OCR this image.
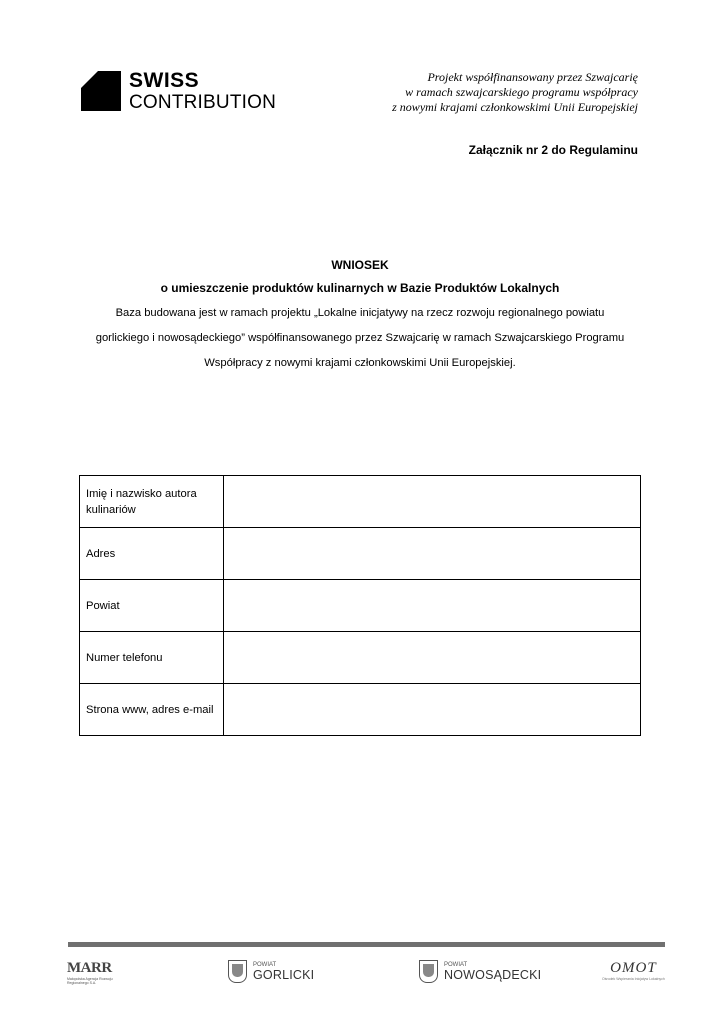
SWISS
CONTRIBUTION
Projekt współfinansowany przez Szwajcarię
w ramach szwajcarskiego programu współpracy
z nowymi krajami członkowskimi Unii Europejskiej
Załącznik nr 2 do Regulaminu
WNIOSEK
o umieszczenie produktów kulinarnych w Bazie Produktów Lokalnych
Baza budowana jest w ramach projektu „Lokalne inicjatywy na rzecz rozwoju regionalnego powiatu
gorlickiego i nowosądeckiego” współfinansowanego przez Szwajcarię w ramach Szwajcarskiego Programu
Współpracy z nowymi krajami członkowskimi Unii Europejskiej.
Imię i nazwisko autora kulinariów	
Adres	
Powiat	
Numer telefonu	
Strona www, adres e-mail	
MARR
Małopolska Agencja Rozwoju Regionalnego S.A.
POWIAT
GORLICKI
POWIAT
NOWOSĄDECKI	OMOT
Ośrodek Wspierania Inicjatyw Lokalnych
